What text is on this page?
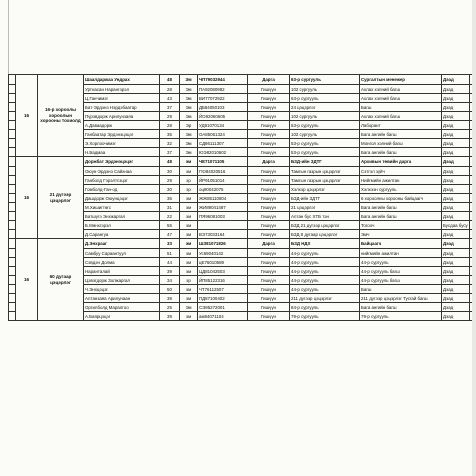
	16	16-р хороолы хороолын хорооны тохиолд	Шаалдаржаа Ундрах	48	Эм	ЧП79032944	Дарга	63-р сургууль	Сургалтын менежер	Дэад	
			Уртнасан Нарангэрэл	28	Эм	ПА92080982	Гишүүн	102 сургууль	Ахлах хэлний багш	Дэад	
			Ц.Ганчимэг	43	Эм	ВИ77072922	Гишүүн	63-р сургууль	Ахлах хэлний багш	Дэад	
			Бат-Эрдэнэ Нэрдэбаатар	37	Эм	ДБ84050103	Гишүүн	24 цэцэрлэг	Багш	Дэад	
			Пүрэвдорж Арилунзаяа	29	Эм	ЙО92060605	Гишүүн	102 сургууль	Ахлах хэлний багш	Дэад	
			А.Даваадорж	28	Эр	УД91070134	Гишүүн	53-р сургууль	Лаборант	Дэад	
			Ганбаатар Эрдэнэцэцэг	35	Эм	ОА85061324	Гишүүн	102 сургууль	Бага ангийн багш	Дэад	
			Э.Хорлоочимэг	32	Эм	СД86111307	Гишүүн	53-р сургууль	Монгол хэлний багш	Дэад	
			Н.Бадмаа	37	Эм	ЮЭ82010602	Гишүүн	53-р сургууль	Бага ангийн багш	Дэад	
	16	21 дүгээр цэцэрлэг	Доржбат Эрдэнэцэцэг	48	эм	ЧЕ71071105	Дарга	БЗД-ийн ЗДТГ	Архивын төвийн дарга	Дэад	
			Оюун-Эрдэнэ Сайхнаа	30	эм	ГЮ84020516	Гишүүн	Тамгын газрын цэцэрлэг	Сэтгэл зүйч	Дэад	
			Ганболд Гэрэлтсэцэг	29	эр	ЙР91051014	Гишүүн	Тамгын газрын цэцэрлэг	Нийгмийн ажилтан	Дэад	
			Гомболд-Ган-од	30	эр	оц90042075	Гишүүн	Хэлхэр цэцэрлэг	Хэлхээн сургууль	Дэад	
			Дашдорж Оюунцэцэг	36	эм	ЖЖ85110804	Гишүүн	БЗД-ийн ЗДТГ	6 хороолны хорооны байцаагч	Дэад	
			М.Хишигтөгс	31	эм	ЖИ89041487	Гишүүн	21 цэцэрлэг	Бага ангийн багш	Дэад	
			Батшүгэ Энхжаргал	22	эм	ПЯ96081003	Гишүүн	Алтан бус ХТБ тэн	Бага ангийн багш	Дэад	
			Б.Мөнхгэрэл	55	эм		Гишүүн	БЗД 21 дүгээр цэцэрлэг	Тогооч	Бусдаа бусу	
			Д.Сарангуа	47	эм	ВЭ73033164	Гишүүн	БЗД 8 дугаар цэцэрлэг	Эмч	Дэад	
	16	60 дугаар цэцэрлэг	Д.Энхрааг	33	эм	ШЗ81071826	Дарга	БЗД НДХ	Байцаагч	Дэад	
			Самбуу Сараантуул	51	эм	Ус69040142	Гишүүн	44-р сургууль	нийгмийн ажилтан	Дэад	
			Сэвдэн Долма	44	эм	цЕ76010589	Гишүүн	44-р сургууль	44-р сургууль	Дэад	
			Наранталай	39	эм	ЦД81042503	Гишүүн	44-р сургууль	44-р сургууль багш	Дэад	
			Цэвэгдорж Золжаргал	34	эр	ЙП85122316	Гишүүн	44-р сургууль	44-р сургууль багш	Дэад	
			Ч.Энхцэцэг	50	эм	ЧТ76112507	Гишүүн	44-р сургууль	Багш	Дэад	
			Алтанзаяа Арилунаан	39	эм	ПД87100402	Гишүүн	211 дүгээр цэцэрлэг	211 дүгээр цэцэрлэг Тусгай багш	Дэад	
			Оргилболд Маралгоо	25	Эм	СЭ95272001	Гишүүн	84-р сургууль	Бага ангийн багш	Дэад	
			А.Баярцэцэг	39	эм	ам84071104	Гишүүн	79-р сургууль	79-р сургууль	Дэад	
